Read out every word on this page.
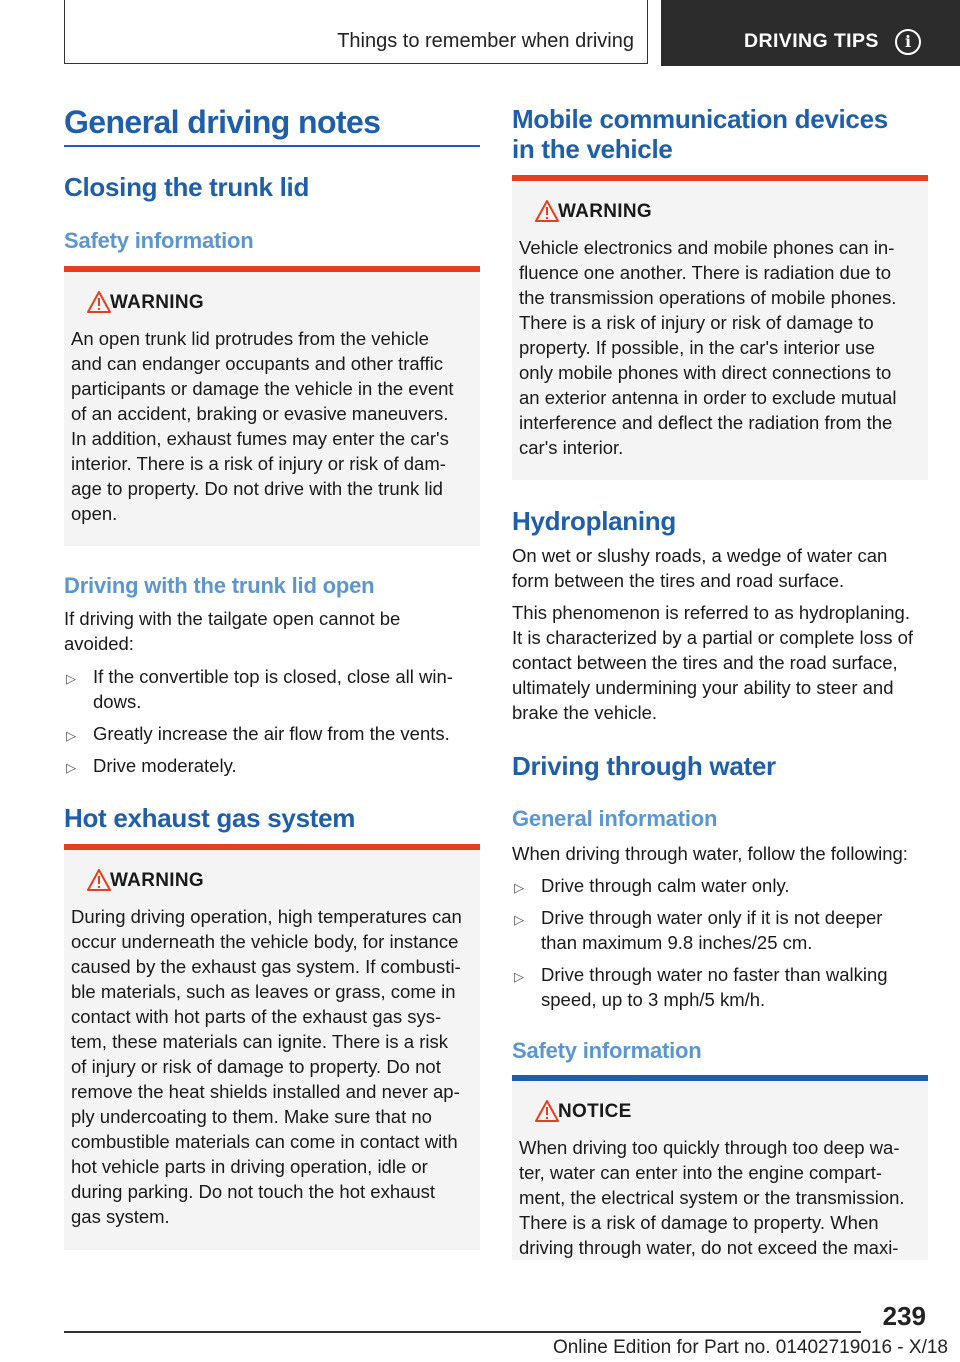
Things to remember when driving	DRIVING TIPS	i
General driving notes
Closing the trunk lid
Safety information
WARNING
An open trunk lid protrudes from the vehicle
and can endanger occupants and other traffic
participants or damage the vehicle in the event
of an accident, braking or evasive maneuvers.
In addition, exhaust fumes may enter the car's
interior. There is a risk of injury or risk of dam‐
age to property. Do not drive with the trunk lid
open.
Driving with the trunk lid open
If driving with the tailgate open cannot be
avoided:
▷ If the convertible top is closed, close all win‐
dows.
▷ Greatly increase the air flow from the vents.
▷ Drive moderately.
Hot exhaust gas system
WARNING
During driving operation, high temperatures can
occur underneath the vehicle body, for instance
caused by the exhaust gas system. If combusti‐
ble materials, such as leaves or grass, come in
contact with hot parts of the exhaust gas sys‐
tem, these materials can ignite. There is a risk
of injury or risk of damage to property. Do not
remove the heat shields installed and never ap‐
ply undercoating to them. Make sure that no
combustible materials can come in contact with
hot vehicle parts in driving operation, idle or
during parking. Do not touch the hot exhaust
gas system.
Mobile communication devices
in the vehicle
WARNING
Vehicle electronics and mobile phones can in‐
fluence one another. There is radiation due to
the transmission operations of mobile phones.
There is a risk of injury or risk of damage to
property. If possible, in the car's interior use
only mobile phones with direct connections to
an exterior antenna in order to exclude mutual
interference and deflect the radiation from the
car's interior.
Hydroplaning
On wet or slushy roads, a wedge of water can
form between the tires and road surface.
This phenomenon is referred to as hydroplaning.
It is characterized by a partial or complete loss of
contact between the tires and the road surface,
ultimately undermining your ability to steer and
brake the vehicle.
Driving through water
General information
When driving through water, follow the following:
▷ Drive through calm water only.
▷ Drive through water only if it is not deeper
than maximum 9.8 inches/25 cm.
▷ Drive through water no faster than walking
speed, up to 3 mph/5 km/h.
Safety information
NOTICE
When driving too quickly through too deep wa‐
ter, water can enter into the engine compart‐
ment, the electrical system or the transmission.
There is a risk of damage to property. When
driving through water, do not exceed the maxi‐
239
Online Edition for Part no. 01402719016 - X/18
